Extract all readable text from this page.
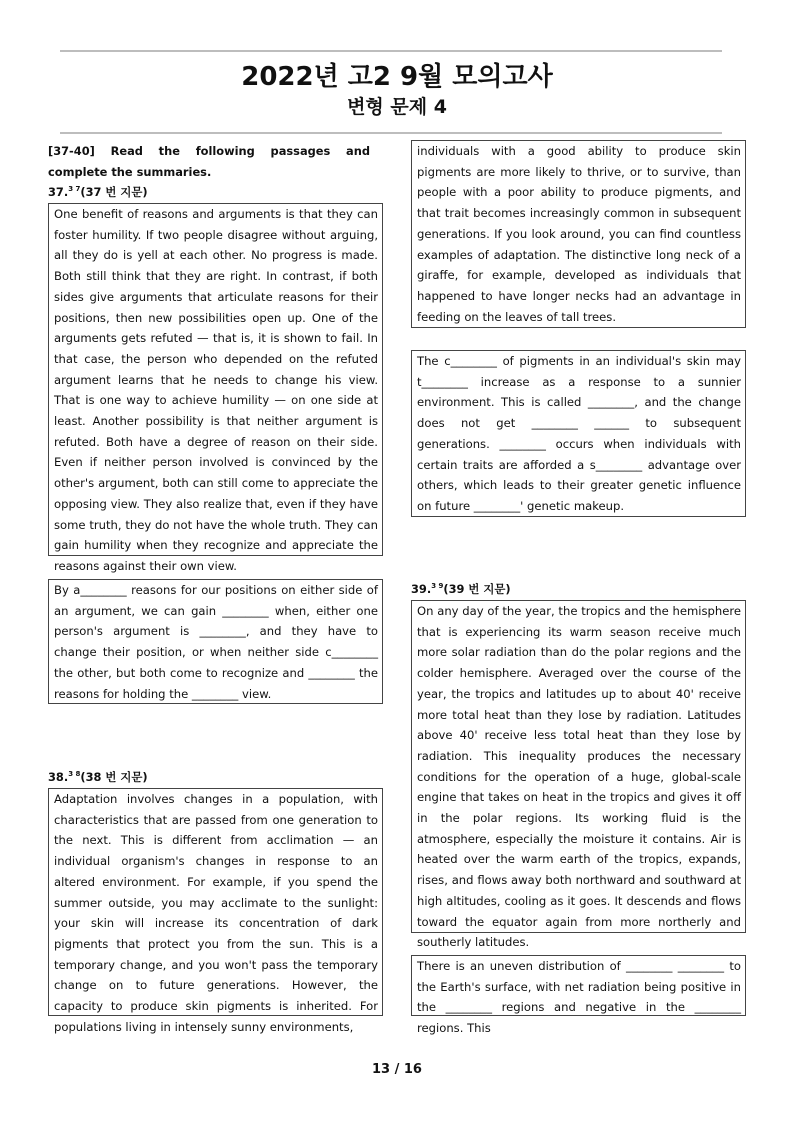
2022년 고2 9월 모의고사
변형 문제 4
[37-40] Read the following passages and complete the summaries.
37.$^{3 7}$(37 번 지문)
One benefit of reasons and arguments is that they can foster humility. If two people disagree without arguing, all they do is yell at each other. No progress is made. Both still think that they are right. In contrast, if both sides give arguments that articulate reasons for their positions, then new possibilities open up. One of the arguments gets refuted — that is, it is shown to fail. In that case, the person who depended on the refuted argument learns that he needs to change his view. That is one way to achieve humility — on one side at least. Another possibility is that neither argument is refuted. Both have a degree of reason on their side. Even if neither person involved is convinced by the other's argument, both can still come to appreciate the opposing view. They also realize that, even if they have some truth, they do not have the whole truth. They can gain humility when they recognize and appreciate the reasons against their own view.
By a________ reasons for our positions on either side of an argument, we can gain ________ when, either one person's argument is ________, and they have to change their position, or when neither side c________ the other, but both come to recognize and ________ the reasons for holding the ________ view.
38.$^{3 8}$(38 번 지문)
Adaptation involves changes in a population, with characteristics that are passed from one generation to the next. This is different from acclimation — an individual organism's changes in response to an altered environment. For example, if you spend the summer outside, you may acclimate to the sunlight: your skin will increase its concentration of dark pigments that protect you from the sun. This is a temporary change, and you won't pass the temporary change on to future generations. However, the capacity to produce skin pigments is inherited. For populations living in intensely sunny environments,
individuals with a good ability to produce skin pigments are more likely to thrive, or to survive, than people with a poor ability to produce pigments, and that trait becomes increasingly common in subsequent generations. If you look around, you can find countless examples of adaptation. The distinctive long neck of a giraffe, for example, developed as individuals that happened to have longer necks had an advantage in feeding on the leaves of tall trees.
The c________ of pigments in an individual's skin may t________ increase as a response to a sunnier environment. This is called ________, and the change does not get ________ ______ to subsequent generations. ________ occurs when individuals with certain traits are afforded a s________ advantage over others, which leads to their greater genetic influence on future ________' genetic makeup.
39.$^{3 9}$(39 번 지문)
On any day of the year, the tropics and the hemisphere that is experiencing its warm season receive much more solar radiation than do the polar regions and the colder hemisphere. Averaged over the course of the year, the tropics and latitudes up to about 40' receive more total heat than they lose by radiation. Latitudes above 40' receive less total heat than they lose by radiation. This inequality produces the necessary conditions for the operation of a huge, global-scale engine that takes on heat in the tropics and gives it off in the polar regions. Its working fluid is the atmosphere, especially the moisture it contains. Air is heated over the warm earth of the tropics, expands, rises, and flows away both northward and southward at high altitudes, cooling as it goes. It descends and flows toward the equator again from more northerly and southerly latitudes.
There is an uneven distribution of ________ ________ to the Earth's surface, with net radiation being positive in the ________ regions and negative in the ________ regions. This
13 / 16
